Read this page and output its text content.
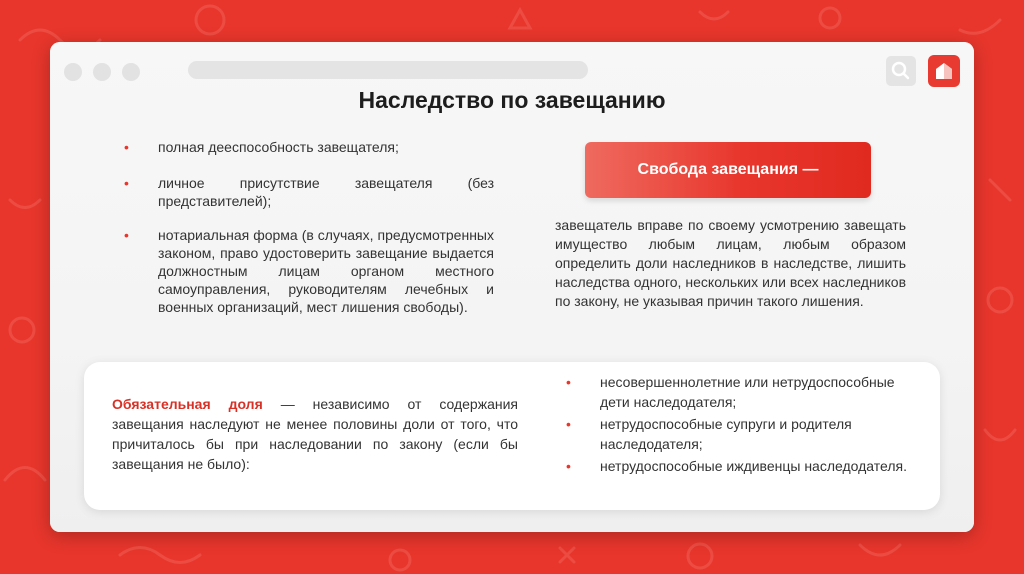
Наследство по завещанию
• полная дееспособность завещателя;
• личное присутствие завещателя (без представителей);
• нотариальная форма (в случаях, предусмотренных законом, право удостоверить завещание выдается должностным лицам органом местного самоуправления, руководителям лечебных и военных организаций, мест лишения свободы).
Свобода завещания —
завещатель вправе по своему усмотрению завещать имущество любым лицам, любым образом определить доли наследников в наследстве, лишить наследства одного, нескольких или всех наследников по закону, не указывая причин такого лишения.
Обязательная доля — независимо от содержания завещания наследуют не менее половины доли от того, что причиталось бы при наследовании по закону (если бы завещания не было):
• несовершеннолетние или нетрудоспособные дети наследодателя;
• нетрудоспособные супруги и родителя наследодателя;
• нетрудоспособные иждивенцы наследодателя.
